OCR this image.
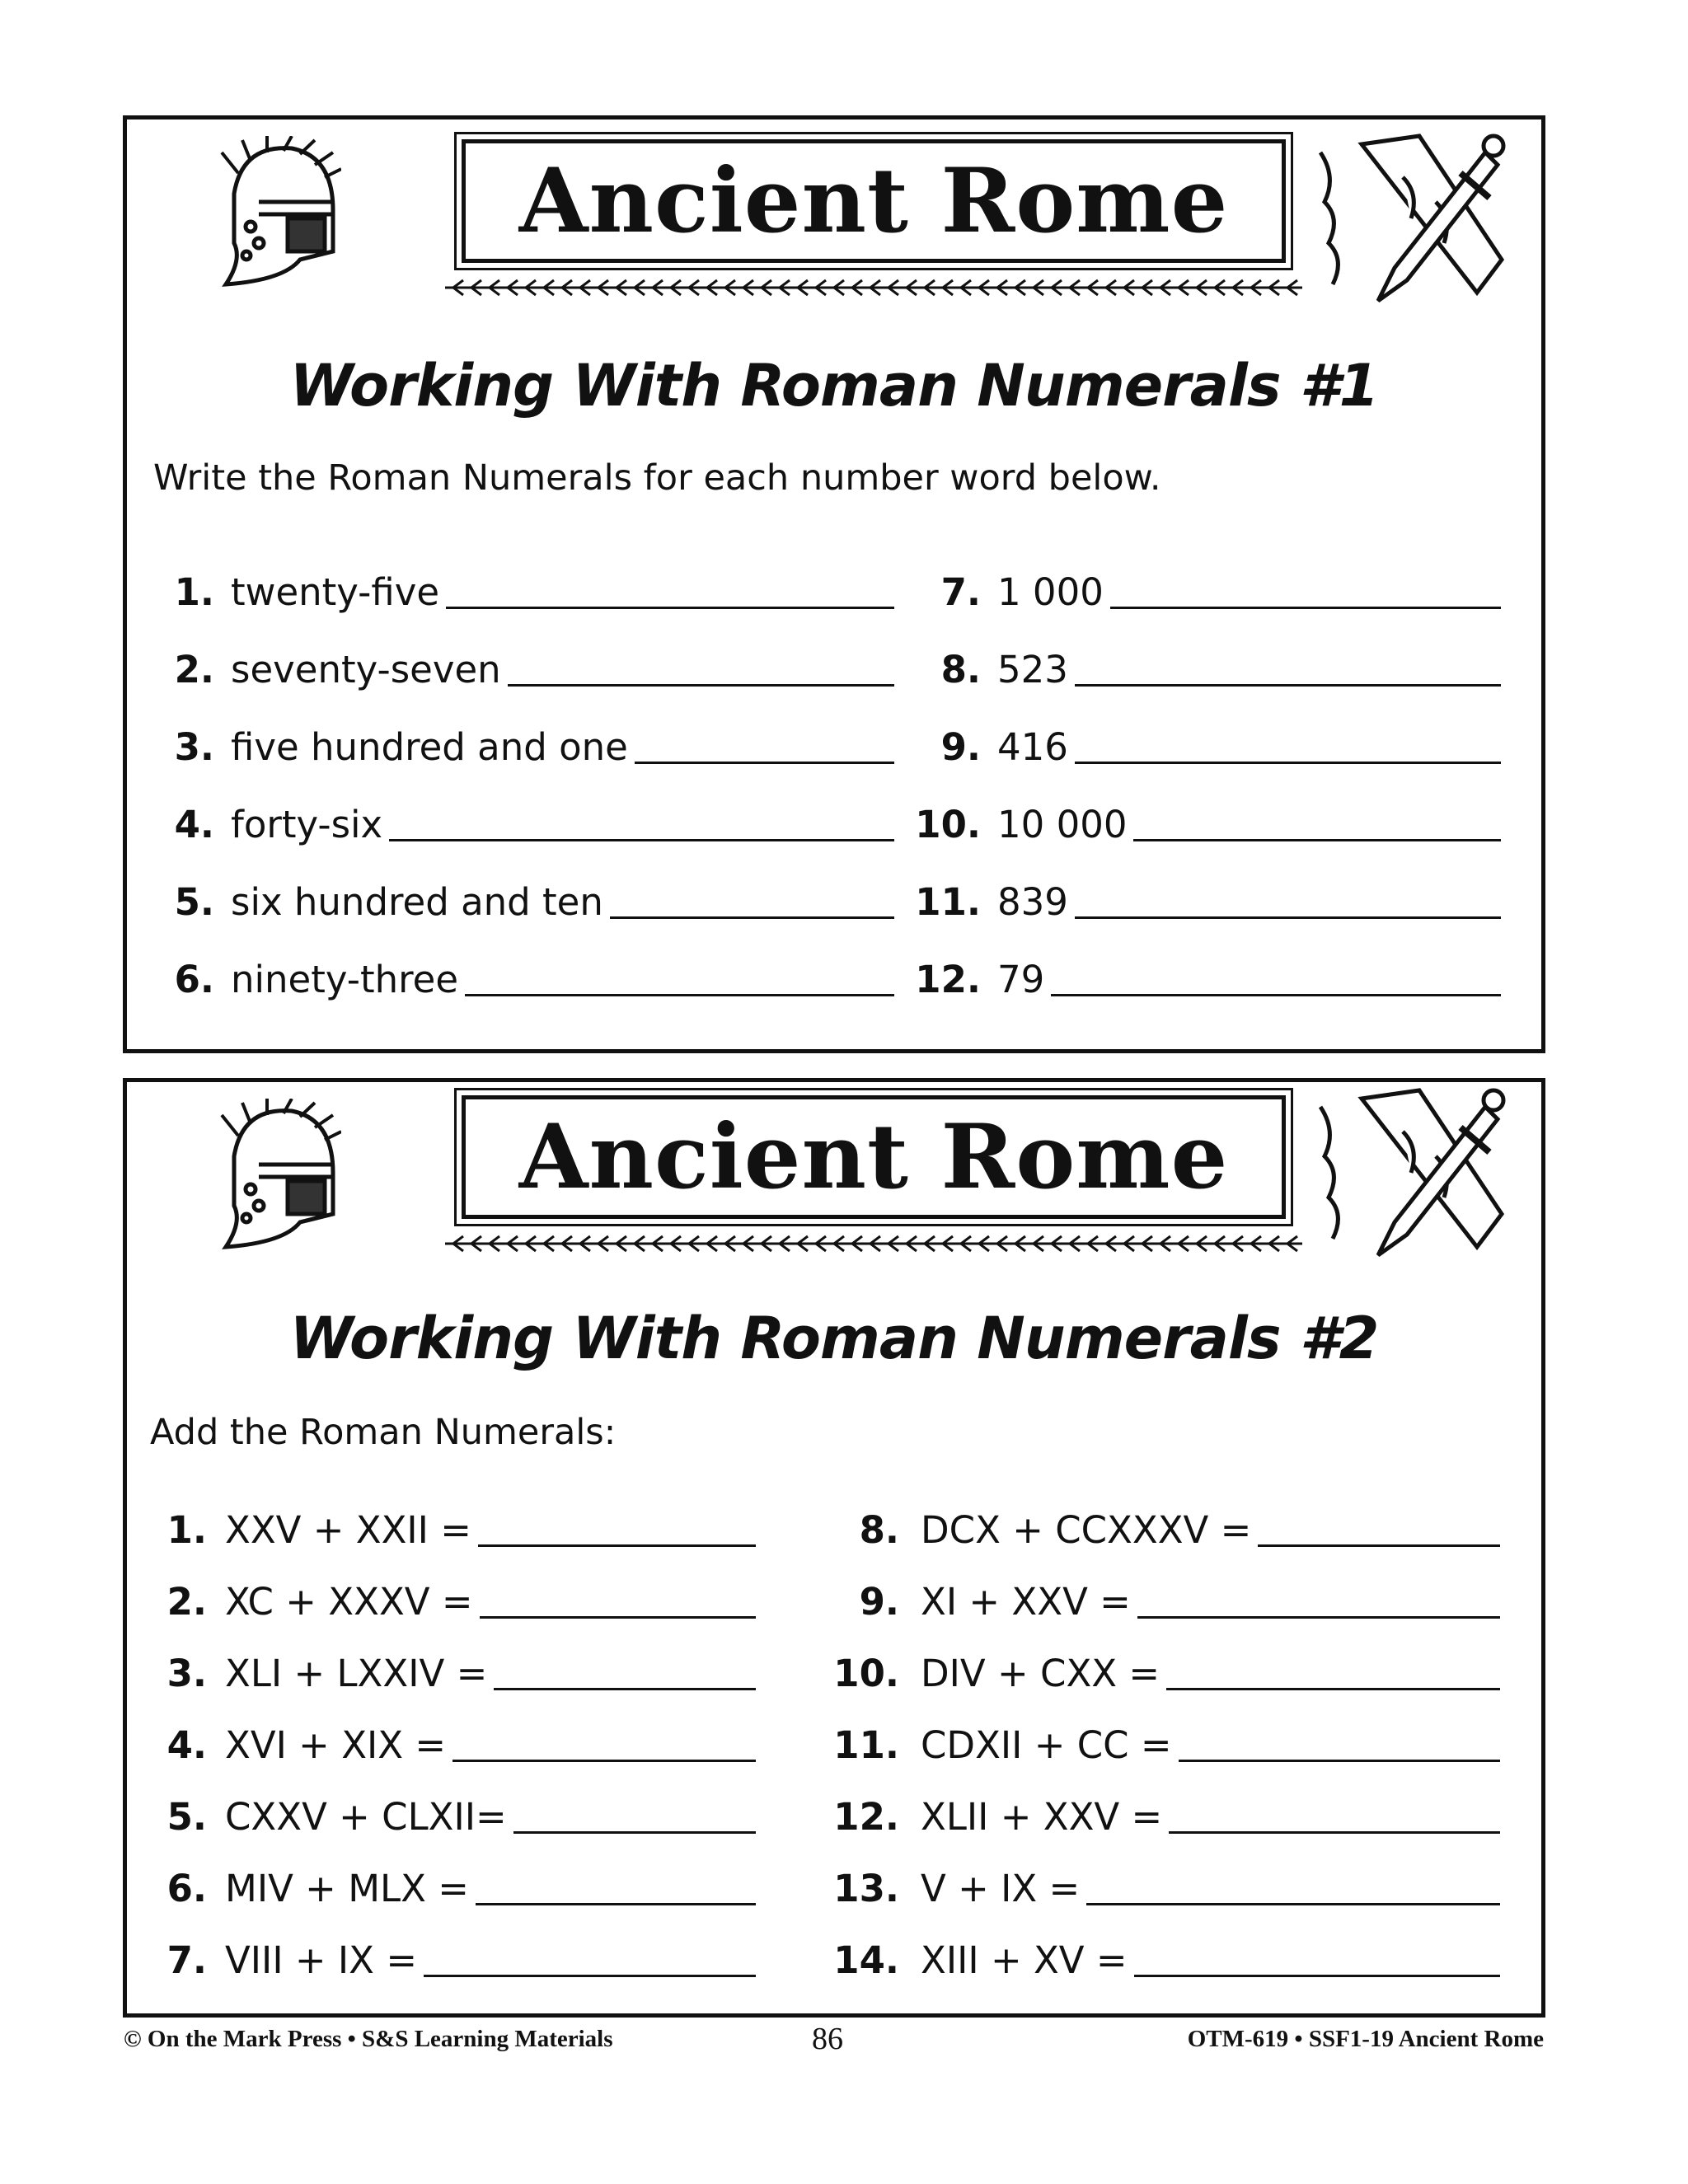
Ancient Rome
Working With Roman Numerals #1
Write the Roman Numerals for each number word below.
1. twenty-five
2. seventy-seven
3. five hundred and one
4. forty-six
5. six hundred and ten
6. ninety-three
7. 1 000
8. 523
9. 416
10. 10 000
11. 839
12. 79
Ancient Rome
Working With Roman Numerals #2
Add the Roman Numerals:
1. XXV + XXII =
2. XC + XXXV =
3. XLI + LXXIV =
4. XVI + XIX =
5. CXXV + CLXII=
6. MIV + MLX =
7. VIII + IX =
8. DCX + CCXXXV =
9. XI + XXV =
10. DIV + CXX =
11. CDXII + CC =
12. XLII + XXV =
13. V + IX =
14. XIII + XV =
© On the Mark Press • S&S Learning Materials	86	OTM-619 • SSF1-19 Ancient Rome
